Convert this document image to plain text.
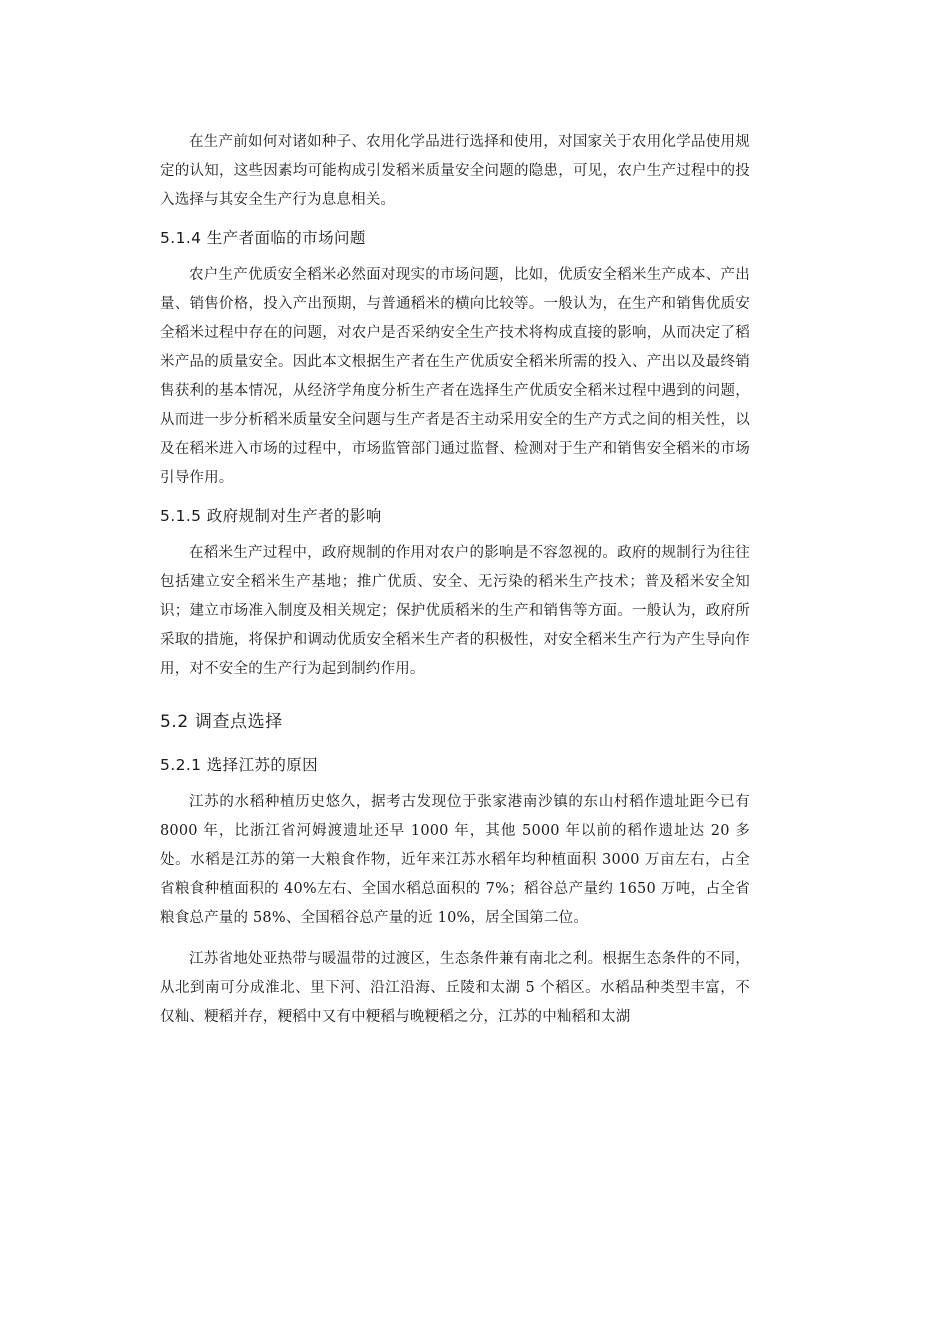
在生产前如何对诸如种子、农用化学品进行选择和使用，对国家关于农用化学品使用规定的认知，这些因素均可能构成引发稻米质量安全问题的隐患，可见，农户生产过程中的投入选择与其安全生产行为息息相关。

5.1.4 生产者面临的市场问题

农户生产优质安全稻米必然面对现实的市场问题，比如，优质安全稻米生产成本、产出量、销售价格，投入产出预期，与普通稻米的横向比较等。一般认为，在生产和销售优质安全稻米过程中存在的问题，对农户是否采纳安全生产技术将构成直接的影响，从而决定了稻米产品的质量安全。因此本文根据生产者在生产优质安全稻米所需的投入、产出以及最终销售获利的基本情况，从经济学角度分析生产者在选择生产优质安全稻米过程中遇到的问题，从而进一步分析稻米质量安全问题与生产者是否主动采用安全的生产方式之间的相关性，以及在稻米进入市场的过程中，市场监管部门通过监督、检测对于生产和销售安全稻米的市场引导作用。

5.1.5 政府规制对生产者的影响

在稻米生产过程中，政府规制的作用对农户的影响是不容忽视的。政府的规制行为往往包括建立安全稻米生产基地；推广优质、安全、无污染的稻米生产技术；普及稻米安全知识；建立市场准入制度及相关规定；保护优质稻米的生产和销售等方面。一般认为，政府所采取的措施，将保护和调动优质安全稻米生产者的积极性，对安全稻米生产行为产生导向作用，对不安全的生产行为起到制约作用。

5.2 调查点选择
5.2.1 选择江苏的原因

江苏的水稻种植历史悠久，据考古发现位于张家港南沙镇的东山村稻作遗址距今已有 8000 年，比浙江省河姆渡遗址还早 1000 年，其他 5000 年以前的稻作遗址达 20 多处。水稻是江苏的第一大粮食作物，近年来江苏水稻年均种植面积 3000 万亩左右，占全省粮食种植面积的 40%左右、全国水稻总面积的 7%；稻谷总产量约 1650 万吨，占全省粮食总产量的 58%、全国稻谷总产量的近 10%，居全国第二位。

江苏省地处亚热带与暖温带的过渡区，生态条件兼有南北之利。根据生态条件的不同，从北到南可分成淮北、里下河、沿江沿海、丘陵和太湖 5 个稻区。水稻品种类型丰富，不仅籼、粳稻并存，粳稻中又有中粳稻与晚粳稻之分，江苏的中籼稻和太湖
